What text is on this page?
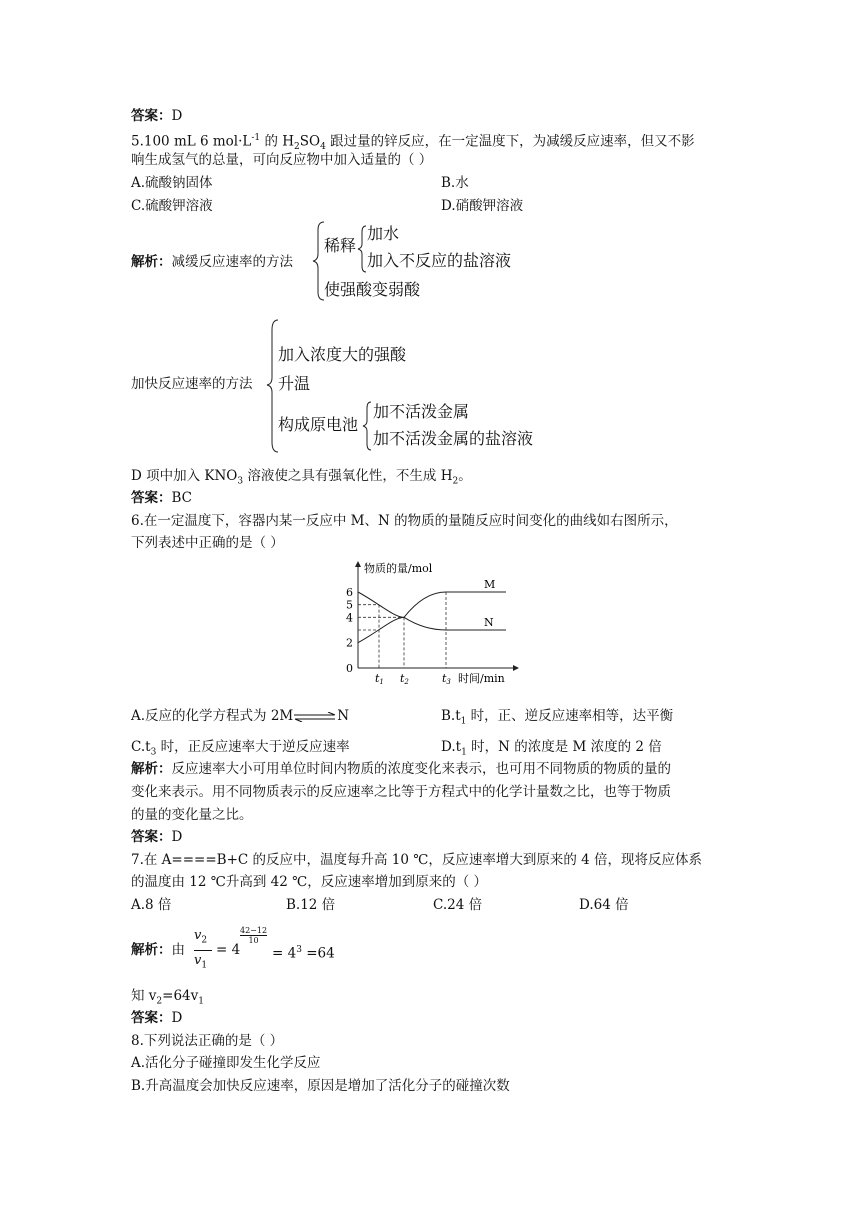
答案：D
5.100 mL 6 $mol\cdot L^{-1}$ 的 $H_2SO_4$ 跟过量的锌反应，在一定温度下，为减缓反应速率，但又不影
响生成氢气的总量，可向反应物中加入适量的（ ）
A.硫酸钠固体	B.水
C.硫酸钾溶液	D.硝酸钾溶液
解析：减缓反应速率的方法
稀释
加水
加入不反应的盐溶液
使强酸变弱酸
加快反应速率的方法
加入浓度大的强酸
升温
构成原电池
加不活泼金属
加不活泼金属的盐溶液
D 项中加入 $KNO_3$ 溶液使之具有强氧化性，不生成 $H_2$。
答案：BC
6.在一定温度下，容器内某一反应中 M、N 的物质的量随反应时间变化的曲线如右图所示，
下列表述中正确的是（ ）
物质的量/mol
时间/min
0
2
4
5
6
t1 t2	t3
M
N
A.反应的化学方程式为 2M⇌N	$B.t_1$ 时，正、逆反应速率相等，达平衡
$C.t_3$ 时，正反应速率大于逆反应速率	$D.t_1$ 时，N 的浓度是 M 浓度的 2 倍
解析：反应速率大小可用单位时间内物质的浓度变化来表示，也可用不同物质的物质的量的
变化来表示。用不同物质表示的反应速率之比等于方程式中的化学计量数之比，也等于物质
的量的变化量之比。
答案：D
7.在 A====B+C 的反应中，温度每升高 10 ℃，反应速率增大到原来的 4 倍，现将反应体系
的温度由 12 ℃升高到 42 ℃，反应速率增加到原来的（ ）
A.8 倍	B.12 倍	C.24 倍	D.64 倍
解析：由
$v_2$
$v_1$
= 4
$\frac{42-12}{10}$
= $4^3 =64$
知 $v_2=64v_1$
答案：D
8.下列说法正确的是（ ）
A.活化分子碰撞即发生化学反应
B.升高温度会加快反应速率，原因是增加了活化分子的碰撞次数
